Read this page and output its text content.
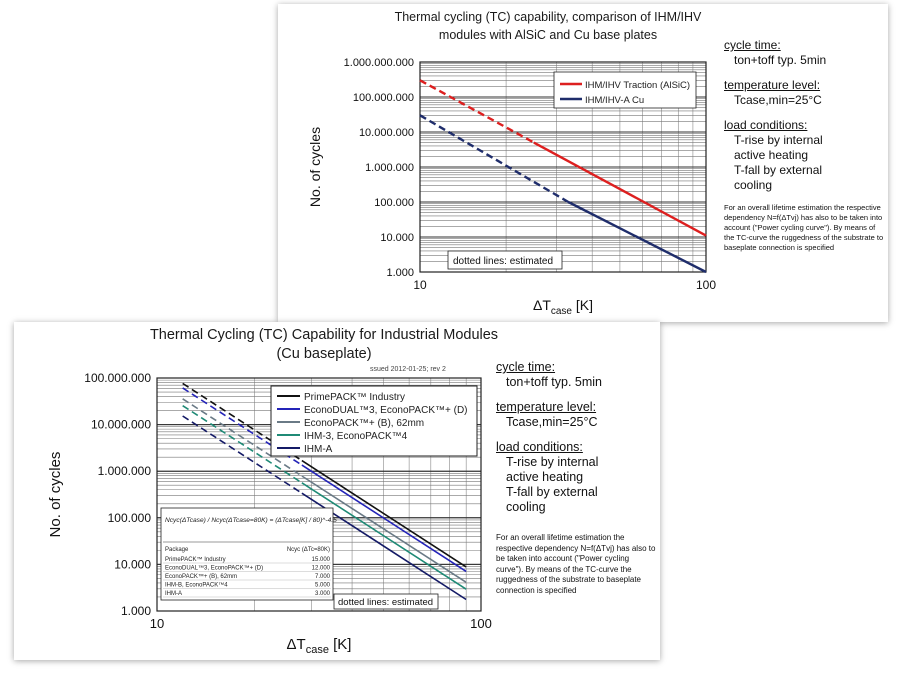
Thermal cycling (TC) capability, comparison of IHM/IHV
modules with AlSiC and Cu base plates
1.000
10.000
100.000
1.000.000
10.000.000
100.000.000
1.000.000.000
10	100
$\Delta T_{case}$ [K]
No. of cycles
IHM/IHV Traction (AlSiC)
IHM/IHV-A Cu
dotted lines: estimated
cycle time:
ton+toff typ. 5min
temperature level:
Tcase,min=25°C
load conditions:
T-rise by internal
active heating
T-fall by external
cooling
For an overall lifetime estimation the respective dependency N=f(ΔTvj) has also to be taken into account ("Power cycling curve"). By means of the TC-curve the ruggedness of the substrate to baseplate connection is specified
Thermal Cycling (TC) Capability for Industrial Modules
(Cu baseplate)
ssued 2012-01-25; rev 2
1.000
10.000
100.000
1.000.000
10.000.000
100.000.000
10	100
$\Delta T_{case}$ [K]
No. of cycles
PrimePACK™ Industry
EconoDUAL™3, EconoPACK™+ (D)
EconoPACK™+ (B), 62mm
IHM-3, EconoPACK™4
IHM-A
Ncyc(ΔTcase) / Ncyc(ΔTcase=80K) = (ΔTcase[K] / 80)^-4.5
Package	Ncyc (ΔTc=80K)
PrimePACK™ Industry	15.000
EconoDUAL™3, EconoPACK™+ (D)	12.000
EconoPACK™+ (B), 62mm	7.000
IHM-B, EconoPACK™4	5.000
IHM-A	3.000
dotted lines: estimated
cycle time:
ton+toff typ. 5min
temperature level:
Tcase,min=25°C
load conditions:
T-rise by internal
active heating
T-fall by external
cooling
For an overall lifetime estimation the respective dependency N=f(ΔTvj) has also to be taken into account ("Power cycling curve"). By means of the TC-curve the ruggedness of the substrate to baseplate connection is specified
